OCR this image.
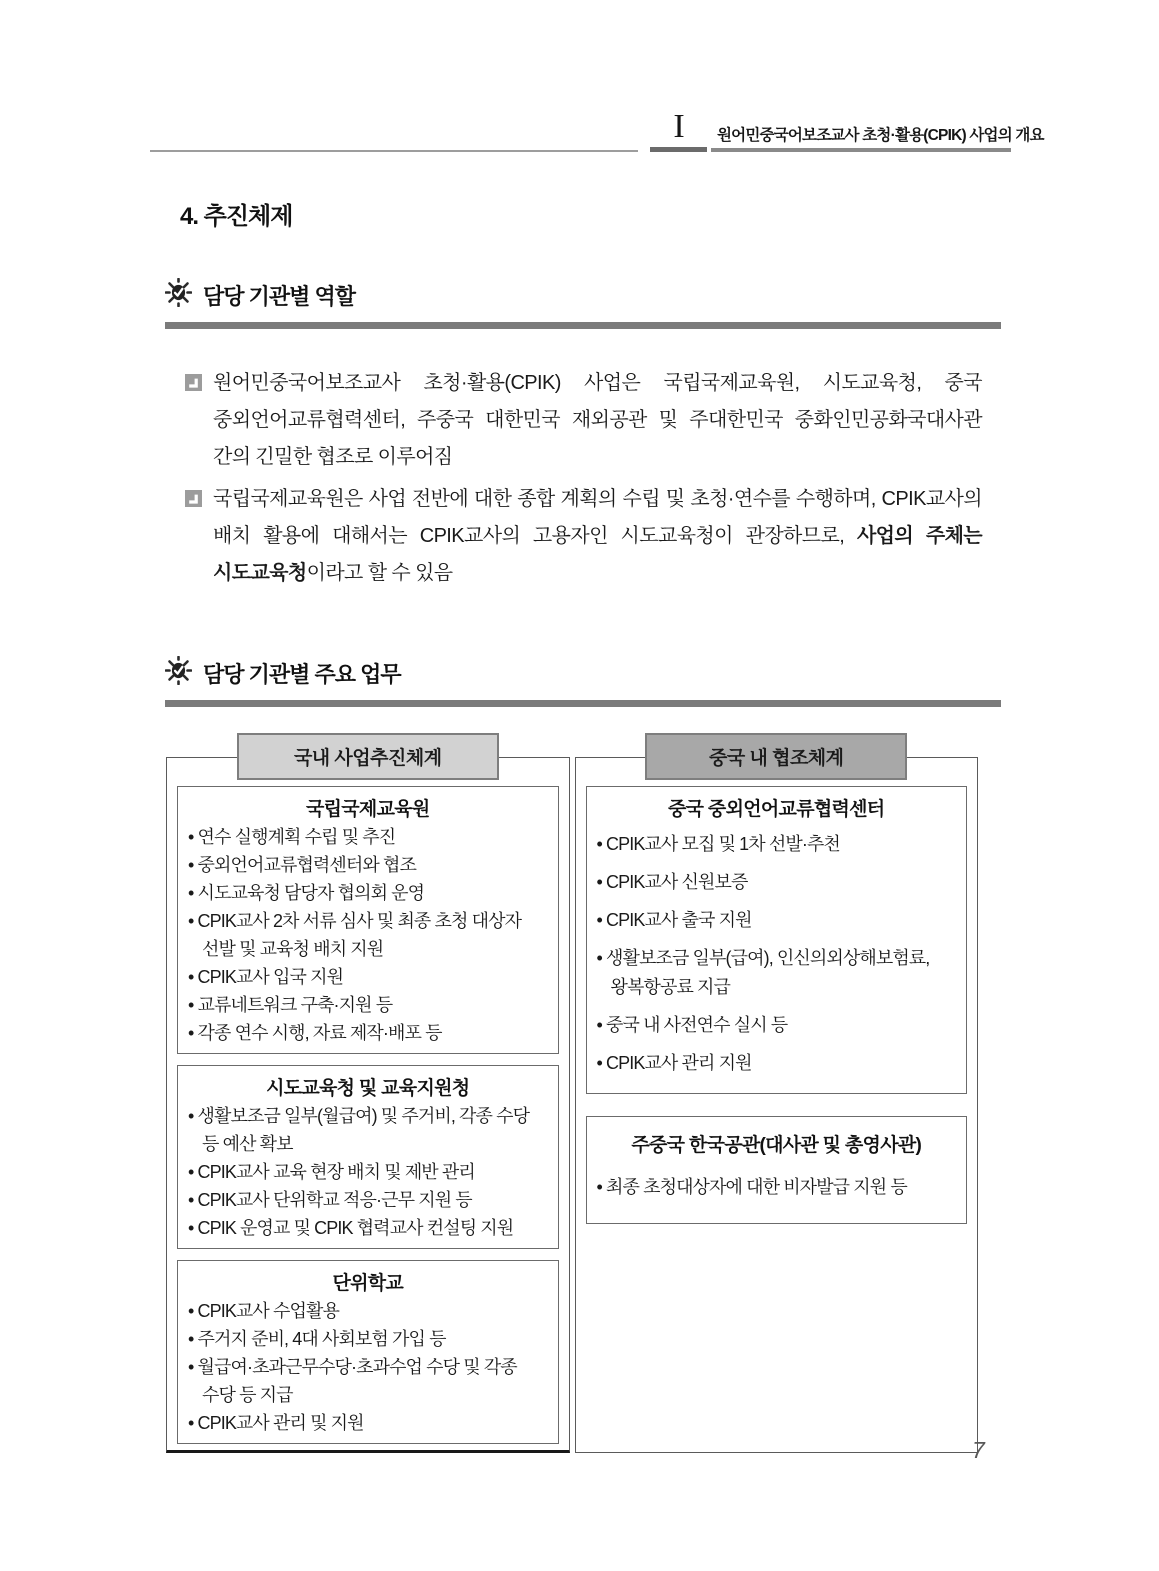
I	원어민중국어보조교사 초청·활용(CPIK) 사업의 개요
4. 추진체제
담당 기관별 역할

원어민중국어보조교사 초청·활용(CPIK) 사업은 국립국제교육원, 시도교육청, 중국 중외언어교류협력센터, 주중국 대한민국 재외공관 및 주대한민국 중화인민공화국대사관 간의 긴밀한 협조로 이루어짐

국립국제교육원은 사업 전반에 대한 종합 계획의 수립 및 초청·연수를 수행하며, CPIK교사의 배치 활용에 대해서는 CPIK교사의 고용자인 시도교육청이 관장하므로, 사업의 주체는 시도교육청이라고 할 수 있음

담당 기관별 주요 업무
국내 사업추진체계
국립국제교육원
• 연수 실행계획 수립 및 추진
• 중외언어교류협력센터와 협조
• 시도교육청 담당자 협의회 운영
• CPIK교사 2차 서류 심사 및 최종 초청 대상자 선발 및 교육청 배치 지원
• CPIK교사 입국 지원
• 교류네트워크 구축·지원 등
• 각종 연수 시행, 자료 제작·배포 등
시도교육청 및 교육지원청
• 생활보조금 일부(월급여) 및 주거비, 각종 수당 등 예산 확보
• CPIK교사 교육 현장 배치 및 제반 관리
• CPIK교사 단위학교 적응·근무 지원 등
• CPIK 운영교 및 CPIK 협력교사 컨설팅 지원
단위학교
• CPIK교사 수업활용
• 주거지 준비, 4대 사회보험 가입 등
• 월급여·초과근무수당·초과수업 수당 및 각종 수당 등 지급
• CPIK교사 관리 및 지원
중국 내 협조체계
중국 중외언어교류협력센터
• CPIK교사 모집 및 1차 선발·추천
• CPIK교사 신원보증
• CPIK교사 출국 지원
• 생활보조금 일부(급여), 인신의외상해보험료, 왕복항공료 지급
• 중국 내 사전연수 실시 등
• CPIK교사 관리 지원
주중국 한국공관(대사관 및 총영사관)
• 최종 초청대상자에 대한 비자발급 지원 등
7
